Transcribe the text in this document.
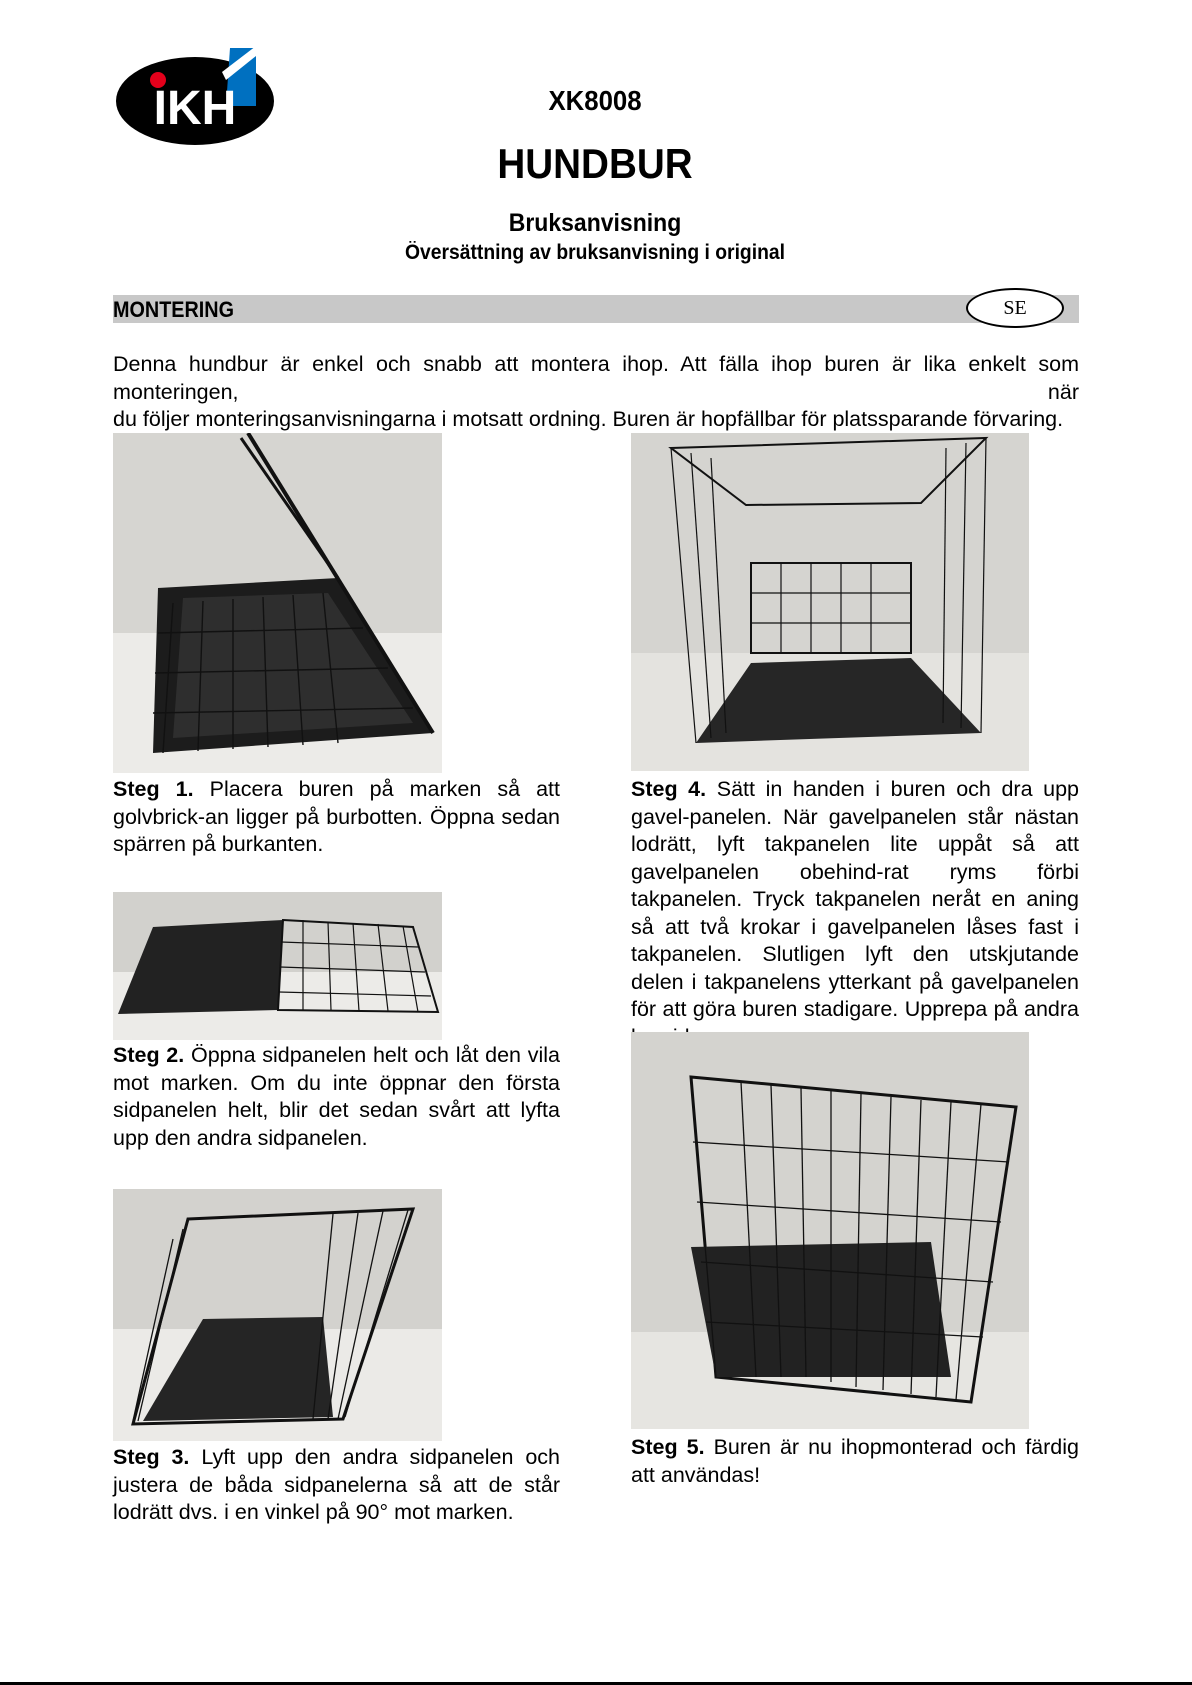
IKH	XK8008
HUNDBUR
Bruksanvisning
Översättning av bruksanvisning i original
MONTERING	SE
Denna hundbur är enkel och snabb att montera ihop. Att fälla ihop buren är lika enkelt som monteringen, när
du följer monteringsanvisningarna i motsatt ordning. Buren är hopfällbar för platssparande förvaring.
Steg 1. Placera buren på marken så att golvbrick-an ligger på burbotten. Öppna sedan spärren på burkanten.
Steg 2. Öppna sidpanelen helt och låt den vila mot marken. Om du inte öppnar den första sidpanelen helt, blir det sedan svårt att lyfta upp den andra sidpanelen.
Steg 3. Lyft upp den andra sidpanelen och justera de båda sidpanelerna så att de står lodrätt dvs. i en vinkel på 90° mot marken.
Steg 4. Sätt in handen i buren och dra upp gavel-panelen. När gavelpanelen står nästan lodrätt, lyft takpanelen lite uppåt så att gavelpanelen obehind-rat ryms förbi takpanelen. Tryck takpanelen neråt en aning så att två krokar i gavelpanelen låses fast i takpanelen. Slutligen lyft den utskjutande delen i takpanelens ytterkant på gavelpanelen för att göra buren stadigare. Upprepa på andra
Steg 5. Buren är nu ihopmonterad och färdig att användas!
